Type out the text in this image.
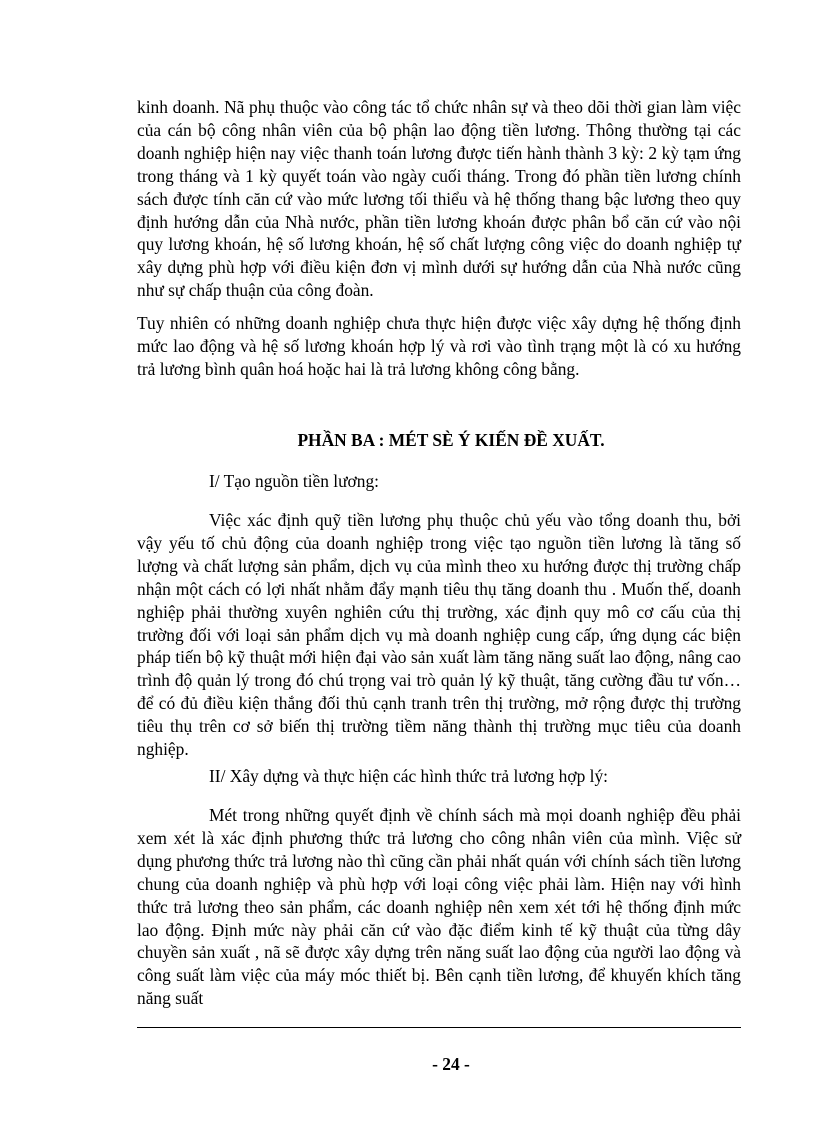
kinh doanh. Nã phụ thuộc vào công tác tổ chức nhân sự và theo dõi thời gian làm việc của cán bộ công nhân viên của bộ phận lao động tiền lương. Thông thường tại các doanh nghiệp hiện nay việc thanh toán lương được tiến hành thành 3 kỳ: 2 kỳ tạm ứng trong tháng và 1 kỳ quyết toán vào ngày cuối tháng. Trong đó phần tiền lương chính sách được tính căn cứ vào mức lương tối thiểu và hệ thống thang bậc lương theo quy định hướng dẫn của Nhà nước, phần tiền lương khoán được phân bổ căn cứ vào nội quy lương khoán, hệ số lương khoán, hệ số chất lượng công việc do doanh nghiệp tự xây dựng phù hợp với điều kiện đơn vị mình dưới sự hướng dẫn của Nhà nước cũng như sự chấp thuận của công đoàn.

Tuy nhiên có những doanh nghiệp chưa thực hiện được việc xây dựng hệ thống định mức lao động và hệ số lương khoán hợp lý và rơi vào tình trạng một là có xu hướng trả lương bình quân hoá hoặc hai là trả lương không công bằng.

PHẦN BA : MÉT SÈ Ý KIẾN ĐỀ XUẤT.

I/ Tạo nguồn tiền lương:

Việc xác định quỹ tiền lương phụ thuộc chủ yếu vào tổng doanh thu, bởi vậy yếu tố chủ động của doanh nghiệp trong việc tạo nguồn tiền lương là tăng số lượng và chất lượng sản phẩm, dịch vụ của mình theo xu hướng được thị trường chấp nhận một cách có lợi nhất nhằm đẩy mạnh tiêu thụ tăng doanh thu . Muốn thế, doanh nghiệp phải thường xuyên nghiên cứu thị trường, xác định quy mô cơ cấu của thị trường đối với loại sản phẩm dịch vụ mà doanh nghiệp cung cấp, ứng dụng các biện pháp tiến bộ kỹ thuật mới hiện đại vào sản xuất làm tăng năng suất lao động, nâng cao trình độ quản lý trong đó chú trọng vai trò quản lý kỹ thuật, tăng cường đầu tư vốn…để có đủ điều kiện thắng đối thủ cạnh tranh trên thị trường, mở rộng được thị trường tiêu thụ trên cơ sở biến thị trường tiềm năng thành thị trường mục tiêu của doanh nghiệp.

II/ Xây dựng và thực hiện các hình thức trả lương hợp lý:

Mét trong những quyết định về chính sách mà mọi doanh nghiệp đều phải xem xét là xác định phương thức trả lương cho công nhân viên của mình. Việc sử dụng phương thức trả lương nào thì cũng cần phải nhất quán với chính sách tiền lương chung của doanh nghiệp và phù hợp với loại công việc phải làm. Hiện nay với hình thức trả lương theo sản phẩm, các doanh nghiệp nên xem xét tới hệ thống định mức lao động. Định mức này phải căn cứ vào đặc điểm kinh tế kỹ thuật của từng dây chuyền sản xuất , nã sẽ được xây dựng trên năng suất lao động của người lao động và công suất làm việc của máy móc thiết bị. Bên cạnh tiền lương, để khuyến khích tăng năng suất

- 24 -
